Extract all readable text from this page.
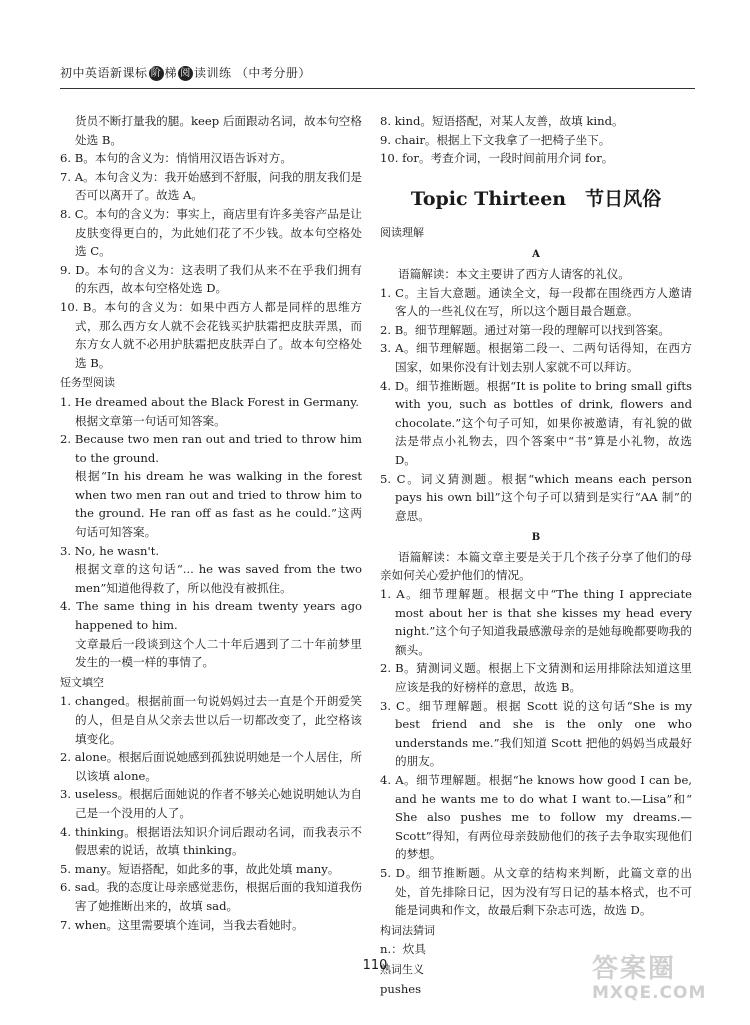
初中英语新课标 阶 梯 阅 读训练 （中考分册）

货员不断打量我的腿。keep 后面跟动名词，故本句空格处选 B。

6. B。本句的含义为：悄悄用汉语告诉对方。

7. A。本句含义为：我开始感到不舒服，问我的朋友我们是否可以离开了。故选 A。

8. C。本句的含义为：事实上，商店里有许多美容产品是让皮肤变得更白的，为此她们花了不少钱。故本句空格处选 C。

9. D。本句的含义为：这表明了我们从来不在乎我们拥有的东西，故本句空格处选 D。

10. B。本句的含义为：如果中西方人都是同样的思维方式，那么西方女人就不会花钱买护肤霜把皮肤弄黑，而东方女人就不必用护肤霜把皮肤弄白了。故本句空格处选 B。

任务型阅读

1. He dreamed about the Black Forest in Germany.

根据文章第一句话可知答案。

2. Because two men ran out and tried to throw him to the ground.

根据“In his dream he was walking in the forest when two men ran out and tried to throw him to the ground. He ran off as fast as he could.”这两句话可知答案。

3. No, he wasn't.

根据文章的这句话“... he was saved from the two men”知道他得救了，所以他没有被抓住。

4. The same thing in his dream twenty years ago happened to him.

文章最后一段谈到这个人二十年后遇到了二十年前梦里发生的一模一样的事情了。

短文填空

1. changed。根据前面一句说妈妈过去一直是个开朗爱笑的人，但是自从父亲去世以后一切都改变了，此空格该填变化。

2. alone。根据后面说她感到孤独说明她是一个人居住，所以该填 alone。

3. useless。根据后面她说的作者不够关心她说明她认为自己是一个没用的人了。

4. thinking。根据语法知识介词后跟动名词，而我表示不假思索的说话，故填 thinking。

5. many。短语搭配，如此多的事，故此处填 many。

6. sad。我的态度让母亲感觉悲伤，根据后面的我知道我伤害了她推断出来的，故填 sad。

7. when。这里需要填个连词，当我去看她时。

8. kind。短语搭配，对某人友善，故填 kind。

9. chair。根据上下文我拿了一把椅子坐下。

10. for。考查介词，一段时间前用介词 for。

Topic Thirteen　节日风俗

阅读理解

A

语篇解读：本文主要讲了西方人请客的礼仪。

1. C。主旨大意题。通读全文，每一段都在围绕西方人邀请客人的一些礼仪在写，所以这个题目最合题意。

2. B。细节理解题。通过对第一段的理解可以找到答案。

3. A。细节理解题。根据第二段一、二两句话得知，在西方国家，如果你没有计划去别人家就不可以拜访。

4. D。细节推断题。根据“It is polite to bring small gifts with you, such as bottles of drink, flowers and chocolate.”这个句子可知，如果你被邀请，有礼貌的做法是带点小礼物去，四个答案中“书”算是小礼物，故选 D。

5. C。词义猜测题。根据“which means each person pays his own bill”这个句子可以猜到是实行“AA 制”的意思。

B

语篇解读：本篇文章主要是关于几个孩子分享了他们的母亲如何关心爱护他们的情况。

1. A。细节理解题。根据文中“The thing I appreciate most about her is that she kisses my head every night.”这个句子知道我最感激母亲的是她每晚都要吻我的额头。

2. B。猜测词义题。根据上下文猜测和运用排除法知道这里应该是我的好榜样的意思，故选 B。

3. C。细节理解题。根据 Scott 说的这句话“She is my best friend and she is the only one who understands me.”我们知道 Scott 把他的妈妈当成最好的朋友。

4. A。细节理解题。根据“he knows how good I can be, and he wants me to do what I want to.—Lisa”和“ She also pushes me to follow my dreams.—Scott”得知，有两位母亲鼓励他们的孩子去争取实现他们的梦想。

5. D。细节推断题。从文章的结构来判断，此篇文章的出处，首先排除日记，因为没有写日记的基本格式，也不可能是词典和作文，故最后剩下杂志可选，故选 D。

构词法猜词

n.：炊具

熟词生义

pushes

110	答案圈
MXQE.COM
